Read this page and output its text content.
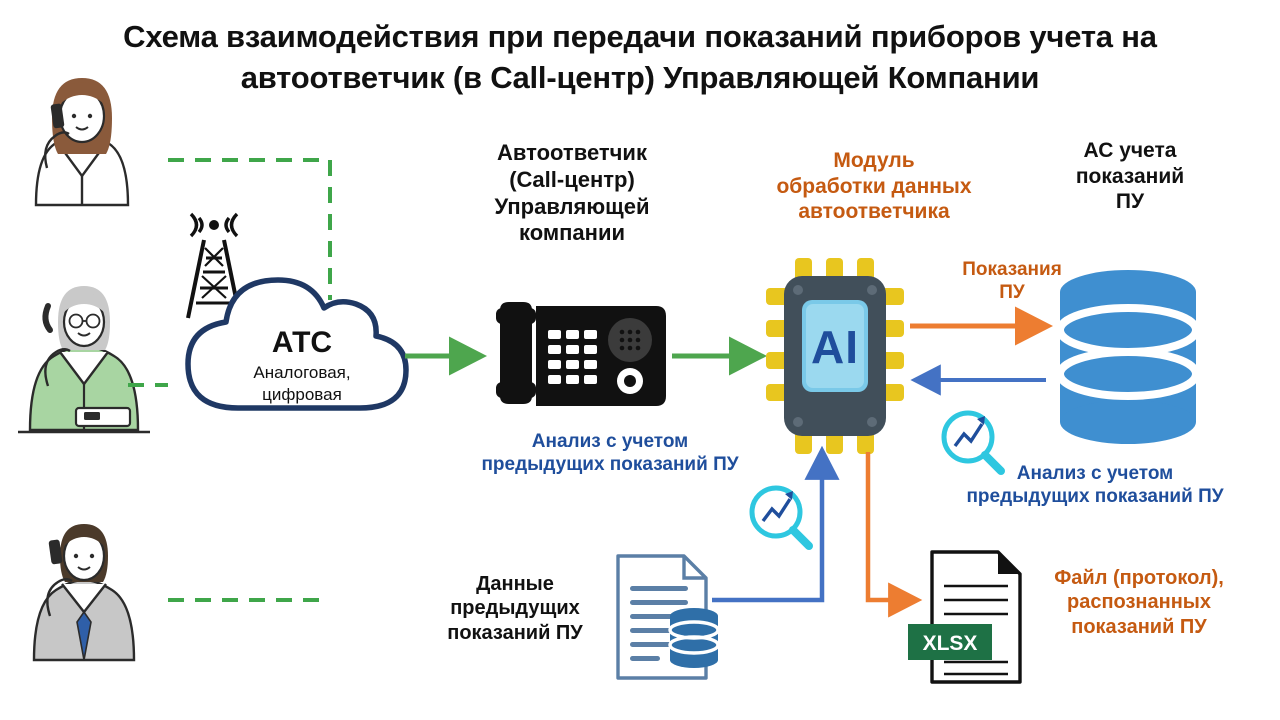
Схема взаимодействия при передачи показаний приборов учета на автоответчик (в Call-центр) Управляющей Компании
AI
XLSX
АТС
Аналоговая,
цифровая
Автоответчик
(Call-центр)
Управляющей
компании
Модуль
обработки данных
автоответчика
АС учета
показаний
ПУ
Показания
ПУ
Анализ с учетом
предыдущих показаний ПУ	Анализ с учетом
предыдущих показаний ПУ
Данные
предыдущих
показаний ПУ
Файл (протокол),
распознанных
показаний ПУ
